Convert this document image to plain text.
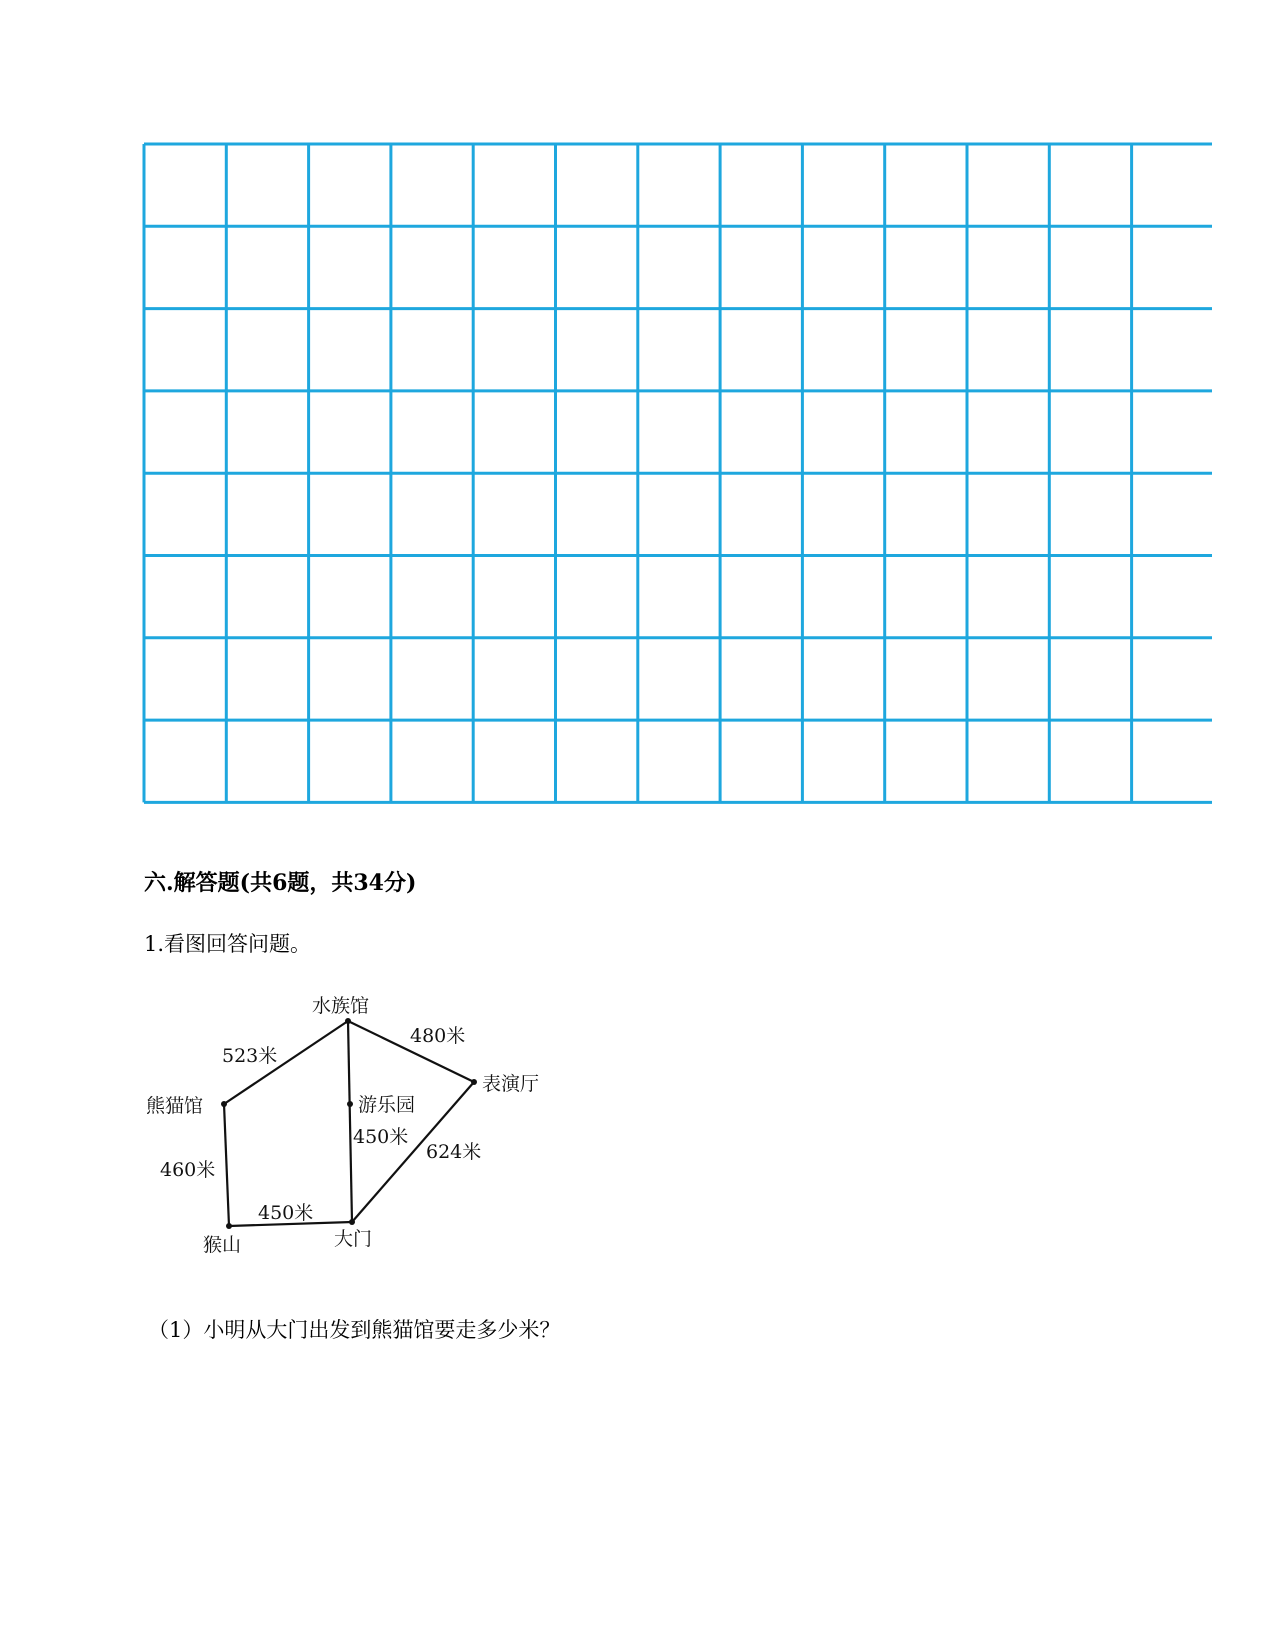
六.解答题(共6题，共34分)
1.看图回答问题。
水族馆
熊猫馆	游乐园
表演厅
猴山	大门
523米
480米
450米
624米
460米
450米
（1）小明从大门出发到熊猫馆要走多少米？
